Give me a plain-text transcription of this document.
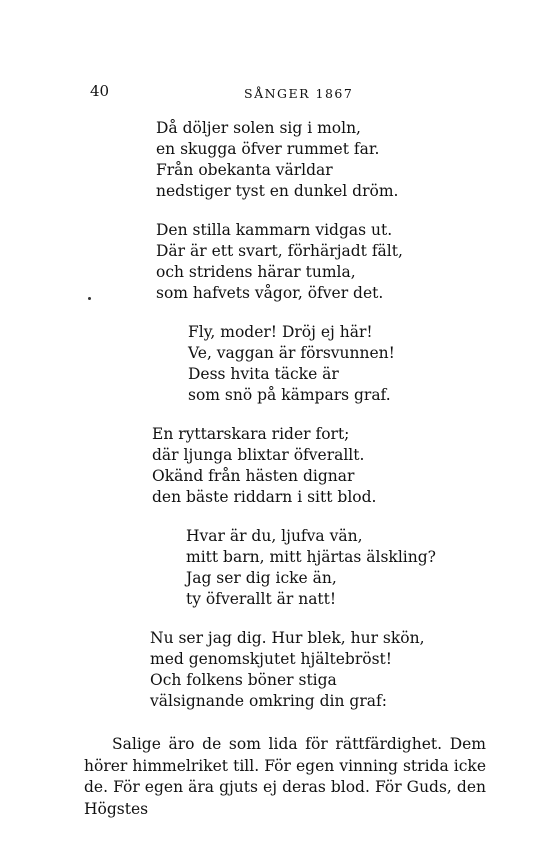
40	SÅNGER 1867
Då döljer solen sig i moln,
en skugga öfver rummet far.
Från obekanta världar
nedstiger tyst en dunkel dröm.
Den stilla kammarn vidgas ut.
Där är ett svart, förhärjadt fält,
och stridens härar tumla,
som hafvets vågor, öfver det.
Fly, moder! Dröj ej här!
Ve, vaggan är försvunnen!
Dess hvita täcke är
som snö på kämpars graf.
En ryttarskara rider fort;
där ljunga blixtar öfverallt.
Okänd från hästen dignar
den bäste riddarn i sitt blod.
Hvar är du, ljufva vän,
mitt barn, mitt hjärtas älskling?
Jag ser dig icke än,
ty öfverallt är natt!
Nu ser jag dig. Hur blek, hur skön,
med genomskjutet hjältebröst!
Och folkens böner stiga
välsignande omkring din graf:

Salige äro de som lida för rättfärdighet. Dem hörer himmelriket till. För egen vinning strida icke de. För egen ära gjuts ej deras blod. För Guds, den Högstes
